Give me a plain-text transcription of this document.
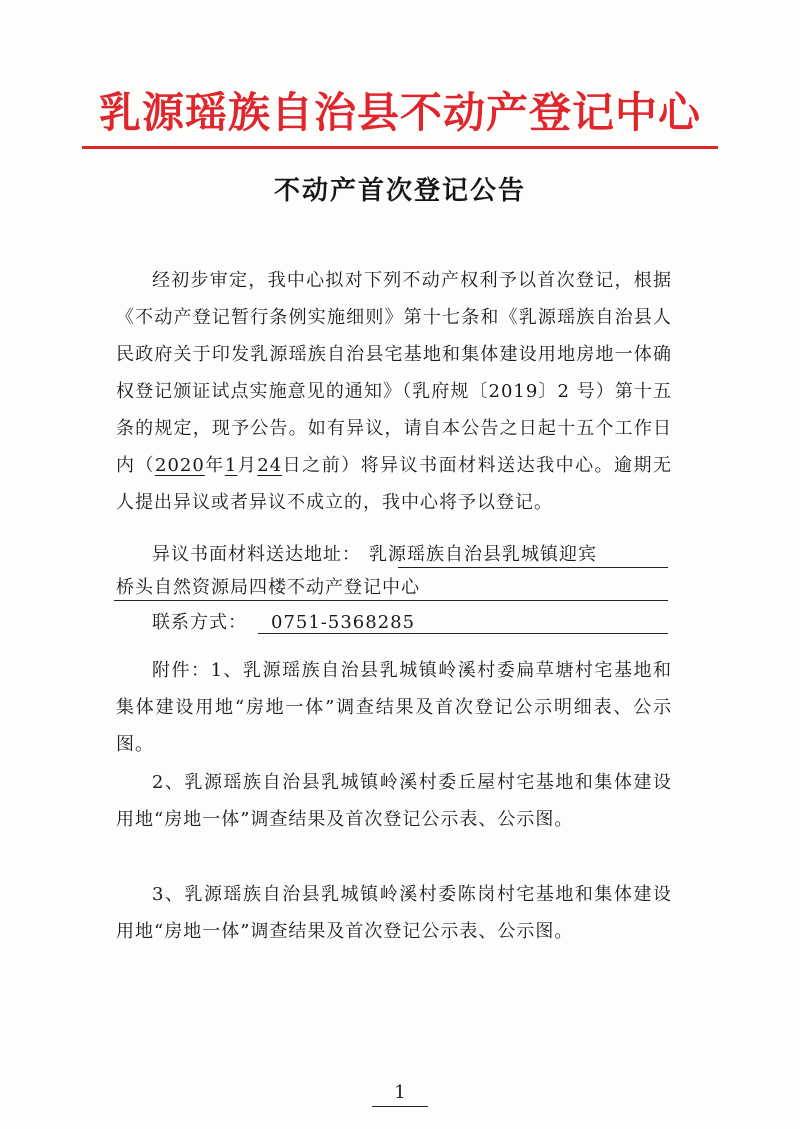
乳源瑶族自治县不动产登记中心
不动产首次登记公告

经初步审定，我中心拟对下列不动产权利予以首次登记，根据《不动产登记暂行条例实施细则》第十七条和《乳源瑶族自治县人民政府关于印发乳源瑶族自治县宅基地和集体建设用地房地一体确权登记颁证试点实施意见的通知》（乳府规〔2019〕2 号）第十五条的规定，现予公告。如有异议，请自本公告之日起十五个工作日内（2020年1月24日之前）将异议书面材料送达我中心。逾期无人提出异议或者异议不成立的，我中心将予以登记。

异议书面材料送达地址： 乳源瑶族自治县乳城镇迎宾
桥头自然资源局四楼不动产登记中心
联系方式： 0751-5368285

附件：1、乳源瑶族自治县乳城镇岭溪村委扁草塘村宅基地和集体建设用地“房地一体”调查结果及首次登记公示明细表、公示图。

2、乳源瑶族自治县乳城镇岭溪村委丘屋村宅基地和集体建设用地“房地一体”调查结果及首次登记公示表、公示图。

3、乳源瑶族自治县乳城镇岭溪村委陈岗村宅基地和集体建设用地“房地一体”调查结果及首次登记公示表、公示图。

1
